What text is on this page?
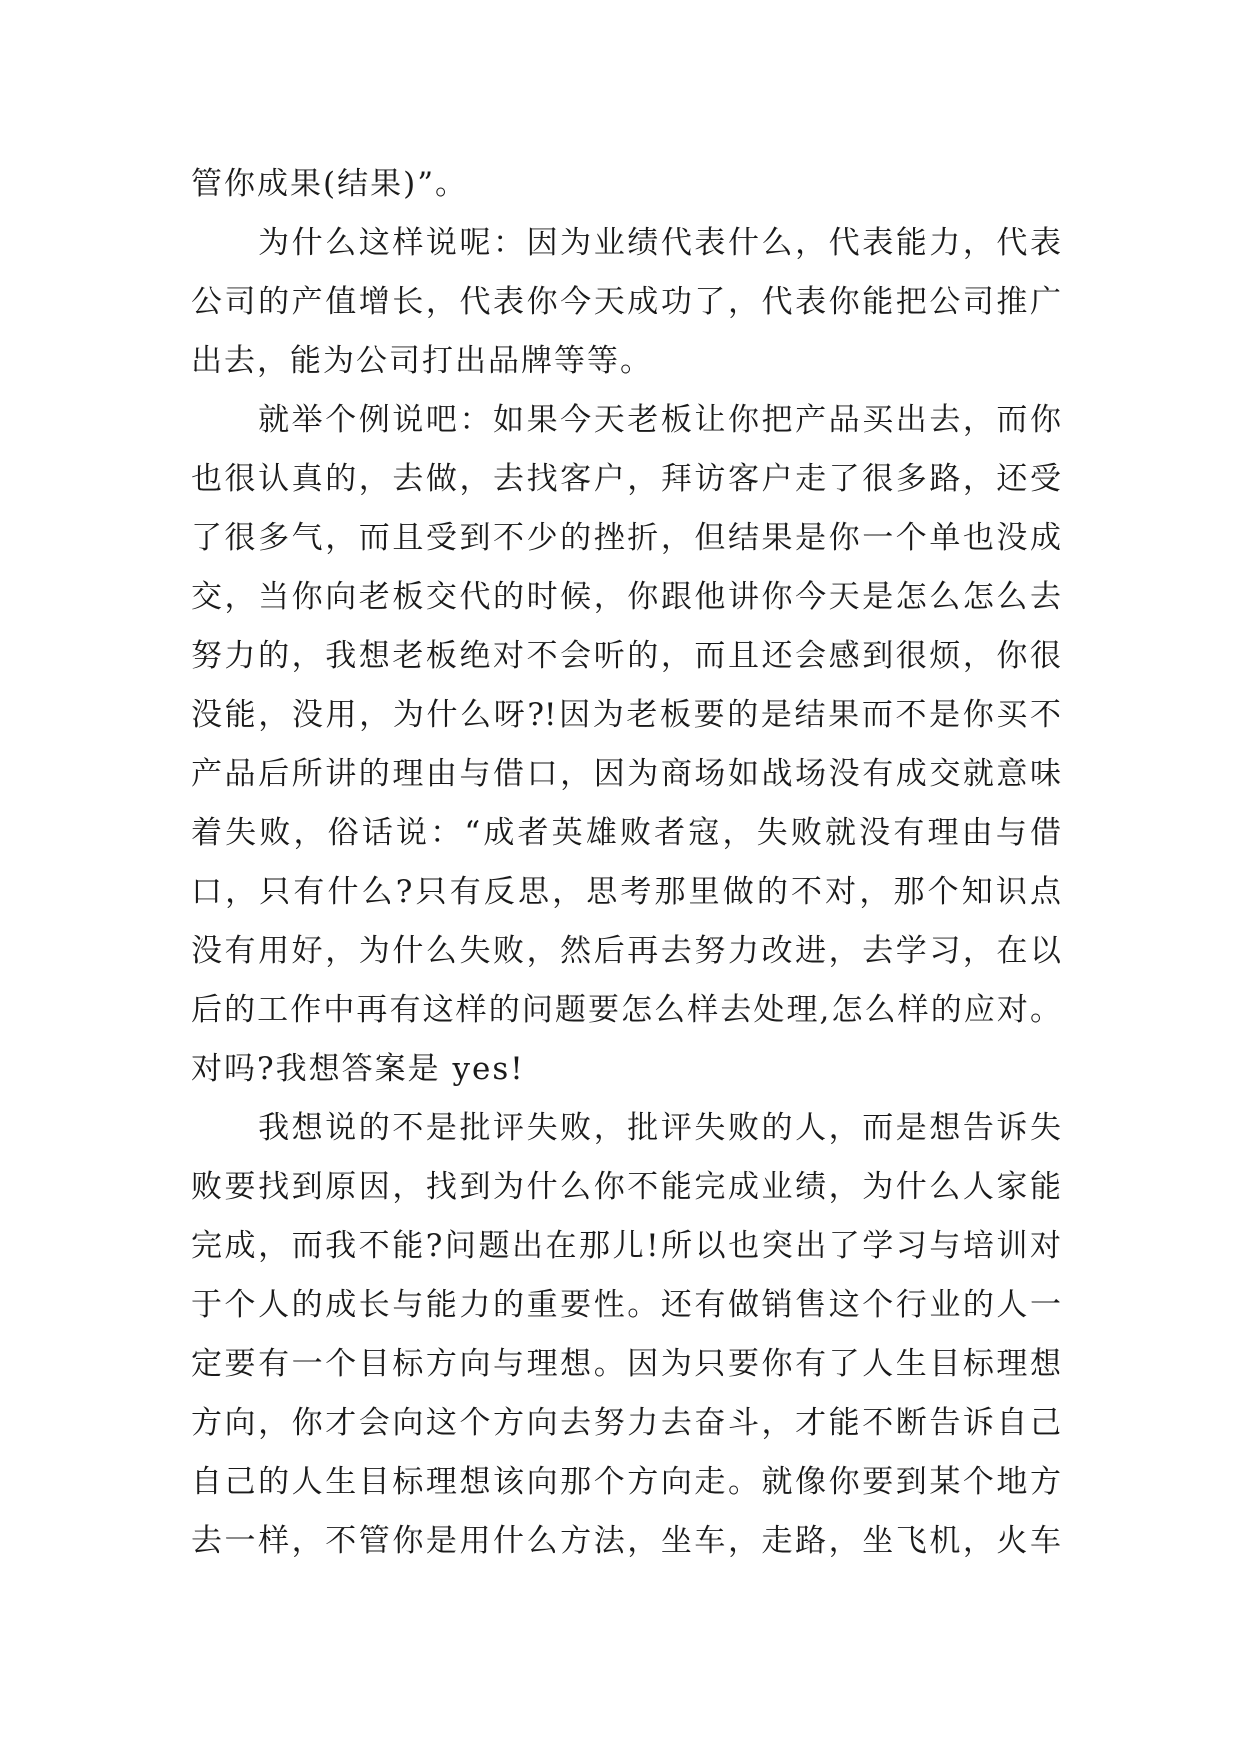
管你成果(结果)”。
　　为什么这样说呢：因为业绩代表什么，代表能力，代表
公司的产值增长，代表你今天成功了，代表你能把公司推广
出去，能为公司打出品牌等等。
　　就举个例说吧：如果今天老板让你把产品买出去，而你
也很认真的，去做，去找客户，拜访客户走了很多路，还受
了很多气，而且受到不少的挫折，但结果是你一个单也没成
交，当你向老板交代的时候，你跟他讲你今天是怎么怎么去
努力的，我想老板绝对不会听的，而且还会感到很烦，你很
没能，没用，为什么呀?!因为老板要的是结果而不是你买不
产品后所讲的理由与借口，因为商场如战场没有成交就意味
着失败，俗话说：“成者英雄败者寇，失败就没有理由与借
口，只有什么?只有反思，思考那里做的不对，那个知识点
没有用好，为什么失败，然后再去努力改进，去学习，在以
后的工作中再有这样的问题要怎么样去处理,怎么样的应对。
对吗?我想答案是 yes!
　　我想说的不是批评失败，批评失败的人，而是想告诉失
败要找到原因，找到为什么你不能完成业绩，为什么人家能
完成，而我不能?问题出在那儿!所以也突出了学习与培训对
于个人的成长与能力的重要性。还有做销售这个行业的人一
定要有一个目标方向与理想。因为只要你有了人生目标理想
方向，你才会向这个方向去努力去奋斗，才能不断告诉自己
自己的人生目标理想该向那个方向走。就像你要到某个地方
去一样，不管你是用什么方法，坐车，走路，坐飞机，火车
